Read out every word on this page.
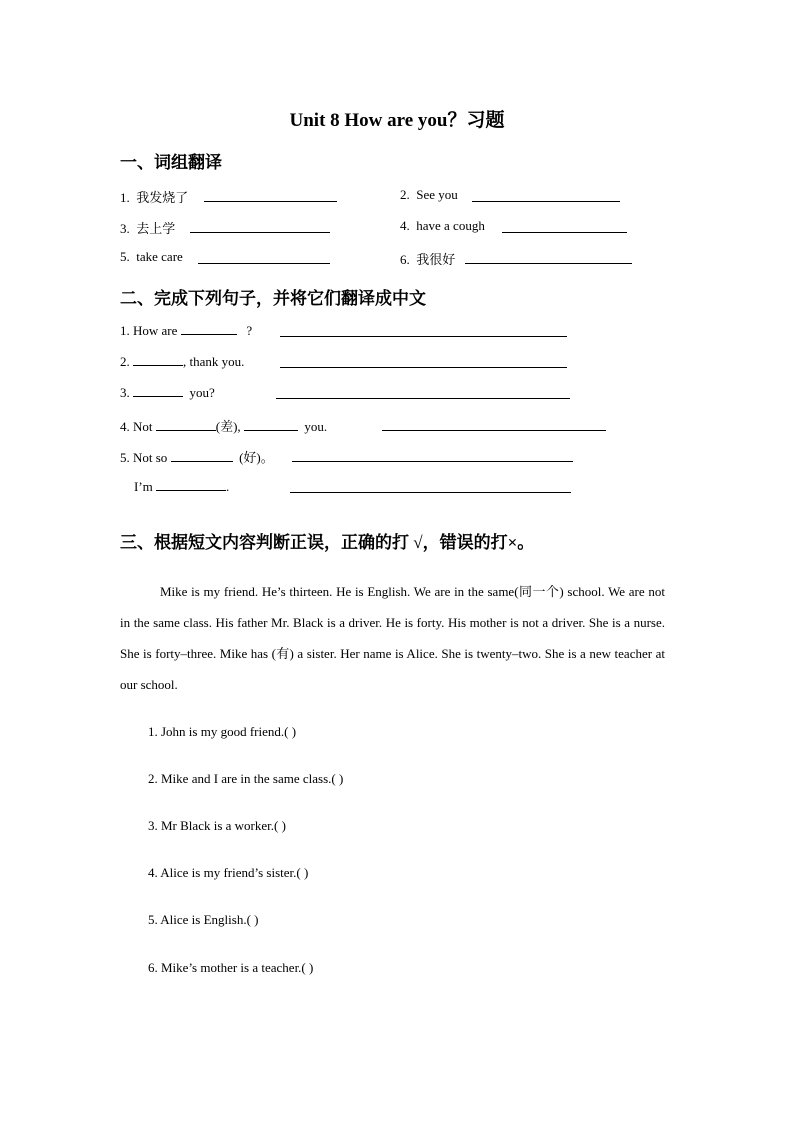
Unit 8 How are you？习题
一、词组翻译
1. 我发烧了	2. See you
3. 去上学	4. have a cough
5. take care	6. 我很好
二、完成下列句子，并将它们翻译成中文
1. How are	?
2.	, thank you.
3.	you?
4. Not	(差),	you.
5. Not so	(好)。
I’m	.
三、根据短文内容判断正误，正确的打 √，错误的打×。

Mike is my friend. He’s thirteen. He is English. We are in the same(同一个) school. We are not in the same class. His father Mr. Black is a driver. He is forty. His mother is not a driver. She is a nurse. She is forty–three. Mike has (有) a sister. Her name is Alice. She is twenty–two. She is a new teacher at our school.

1. John is my good friend.( )
2. Mike and I are in the same class.( )
3. Mr Black is a worker.( )
4. Alice is my friend’s sister.( )
5. Alice is English.( )
6. Mike’s mother is a teacher.( )
